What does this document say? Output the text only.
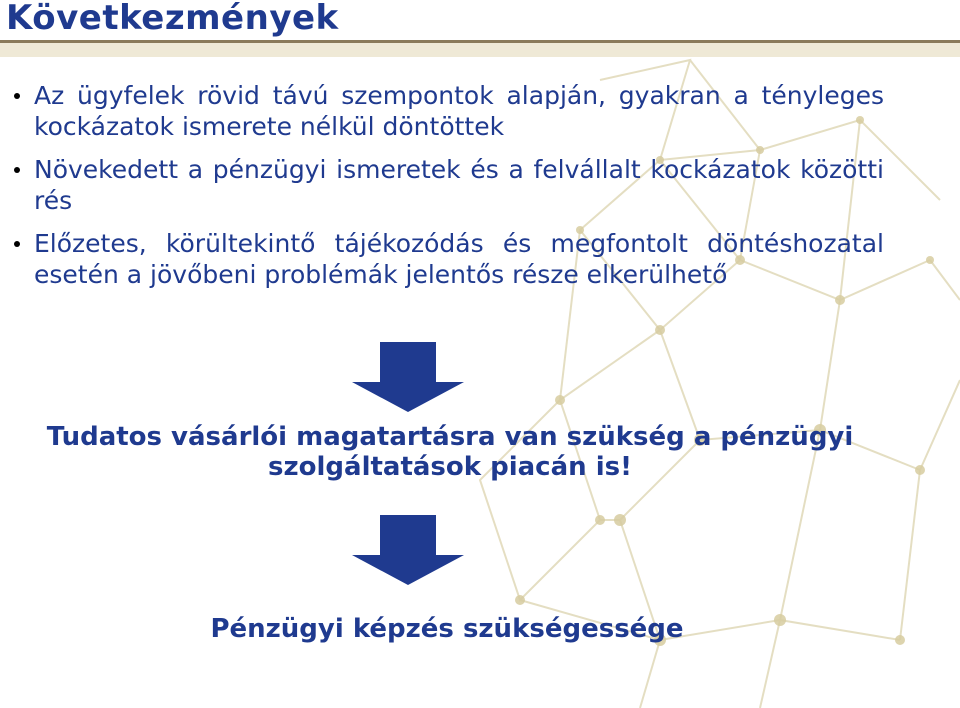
Következmények
Az ügyfelek rövid távú szempontok alapján, gyakran a tényleges kockázatok ismerete nélkül döntöttek
Növekedett a pénzügyi ismeretek és a felvállalt kockázatok közötti rés
Előzetes, körültekintő tájékozódás és megfontolt döntéshozatal esetén a jövőbeni problémák jelentős része elkerülhető
Tudatos vásárlói magatartásra van szükség a pénzügyi
szolgáltatások piacán is!
Pénzügyi képzés szükségessége
